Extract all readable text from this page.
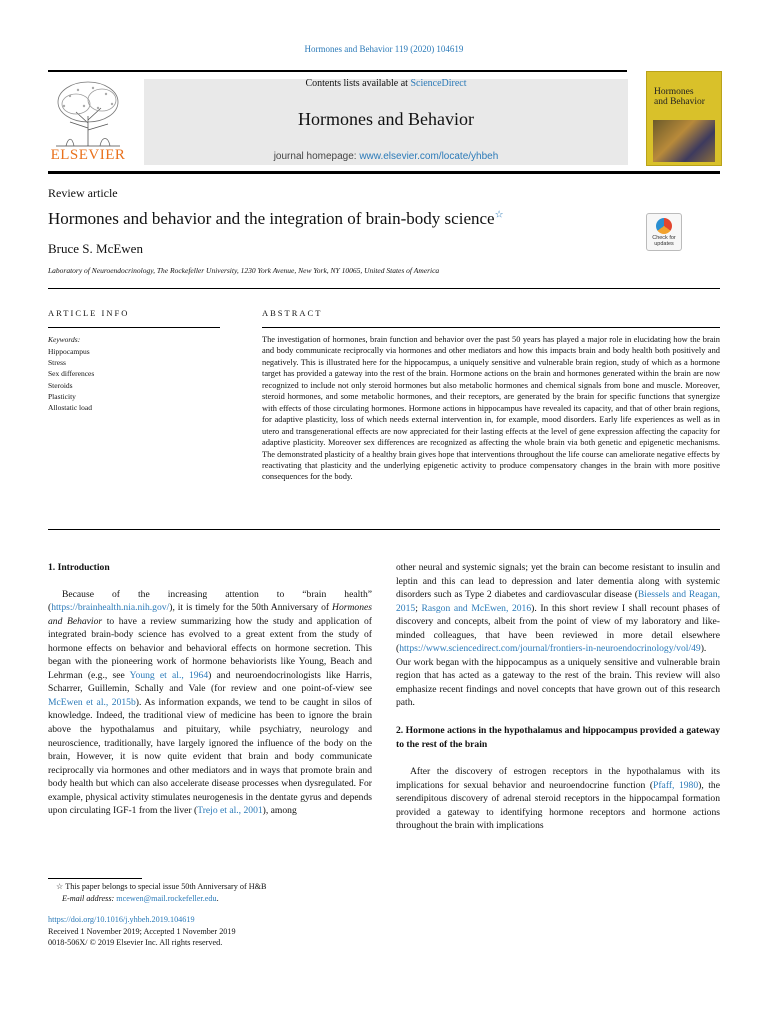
Hormones and Behavior 119 (2020) 104619
ELSEVIER
Contents lists available at ScienceDirect
Hormones and Behavior
journal homepage: www.elsevier.com/locate/yhbeh
Hormones
and Behavior
Review article
Hormones and behavior and the integration of brain-body science☆
Check for updates
Bruce S. McEwen
Laboratory of Neuroendocrinology, The Rockefeller University, 1230 York Avenue, New York, NY 10065, United States of America
ARTICLE INFO	ABSTRACT
Keywords:
Hippocampus
Stress
Sex differences
Steroids
Plasticity
Allostatic load
The investigation of hormones, brain function and behavior over the past 50 years has played a major role in elucidating how the brain and body communicate reciprocally via hormones and other mediators and how this impacts brain and body health both positively and negatively. This is illustrated here for the hippocampus, a uniquely sensitive and vulnerable brain region, study of which as a hormone target has provided a gateway into the rest of the brain. Hormone actions on the brain and hormones generated within the brain are now recognized to include not only steroid hormones but also metabolic hormones and chemical signals from bone and muscle. Moreover, steroid hormones, and some metabolic hormones, and their receptors, are generated by the brain for specific functions that synergize with effects of those circulating hormones. Hormone actions in hippocampus have revealed its capacity, and that of other brain regions, for adaptive plasticity, loss of which needs external intervention in, for example, mood disorders. Early life experiences as well as in utero and transgenerational effects are now appreciated for their lasting effects at the level of gene expression affecting the capacity for adaptive plasticity. Moreover sex differences are recognized as affecting the whole brain via both genetic and epigenetic mechanisms. The demonstrated plasticity of a healthy brain gives hope that interventions throughout the life course can ameliorate negative effects by reactivating that plasticity and the underlying epigenetic activity to produce compensatory changes in the brain with more positive consequences for the body.
1. Introduction

Because of the increasing attention to “brain health” (https://brainhealth.nia.nih.gov/), it is timely for the 50th Anniversary of Hormones and Behavior to have a review summarizing how the study and application of integrated brain-body science has evolved to a great extent from the study of hormone effects on behavior and behavioral effects on hormone secretion. This began with the pioneering work of hormone behaviorists like Young, Beach and Lehrman (e.g., see Young et al., 1964) and neuroendocrinologists like Harris, Scharrer, Guillemin, Schally and Vale (for review and one point-of-view see McEwen et al., 2015b). As information expands, we tend to be caught in silos of knowledge. Indeed, the traditional view of medicine has been to ignore the brain above the hypothalamus and pituitary, while psychiatry, neurology and neuroscience, traditionally, have largely ignored the influence of the body on the brain, However, it is now quite evident that brain and body communicate reciprocally via hormones and other mediators and in ways that promote brain and body health but which can also accelerate disease processes when dysregulated. For example, physical activity stimulates neurogenesis in the dentate gyrus and depends upon circulating IGF-1 from the liver (Trejo et al., 2001), among

other neural and systemic signals; yet the brain can become resistant to insulin and leptin and this can lead to depression and later dementia along with systemic disorders such as Type 2 diabetes and cardiovascular disease (Biessels and Reagan, 2015; Rasgon and McEwen, 2016). In this short review I shall recount phases of discovery and concepts, albeit from the point of view of my laboratory and like-minded colleagues, that have been reviewed in more detail elsewhere (https://www.sciencedirect.com/journal/frontiers-in-neuroendocrinology/vol/49). Our work began with the hippocampus as a uniquely sensitive and vulnerable brain region that has acted as a gateway to the rest of the brain. This review will also emphasize recent findings and novel concepts that have grown out of this research path.

2. Hormone actions in the hypothalamus and hippocampus provided a gateway to the rest of the brain

After the discovery of estrogen receptors in the hypothalamus with its implications for sexual behavior and neuroendocrine function (Pfaff, 1980), the serendipitous discovery of adrenal steroid receptors in the hippocampal formation provided a gateway to identifying hormone receptors and hormone actions throughout the brain with implications

☆ This paper belongs to special issue 50th Anniversary of H&B

E-mail address: mcewen@mail.rockefeller.edu.

https://doi.org/10.1016/j.yhbeh.2019.104619

Received 1 November 2019; Accepted 1 November 2019

0018-506X/ © 2019 Elsevier Inc. All rights reserved.
